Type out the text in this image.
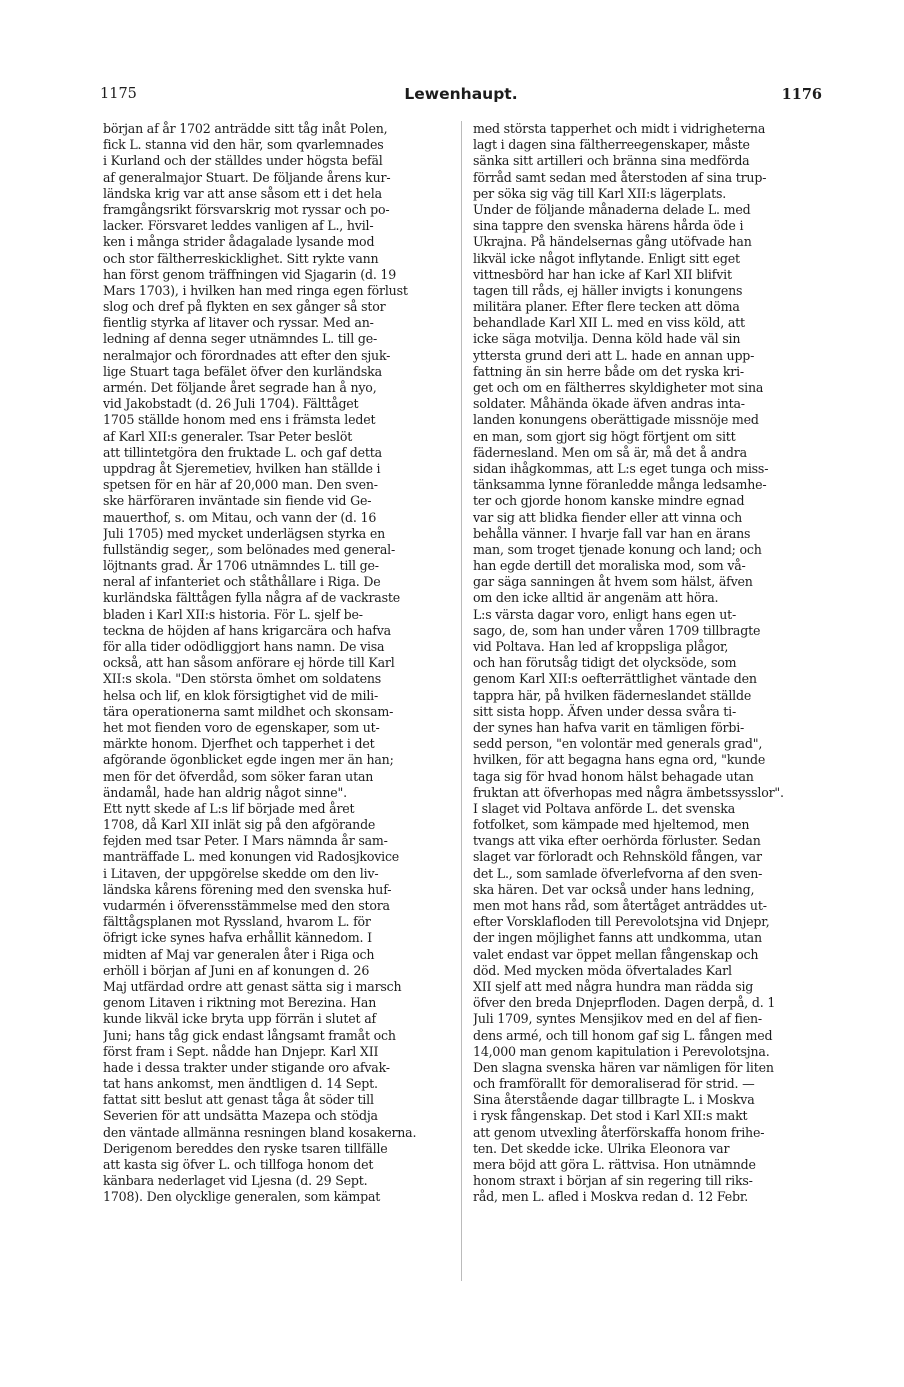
1175	Lewenhaupt.	1176
början af år 1702 anträdde sitt tåg inåt Polen,
fick L. stanna vid den här, som qvarlemnades
i Kurland och der ställdes under högsta befäl
af generalmajor Stuart. De följande årens kur-
ländska krig var att anse såsom ett i det hela
framgångsrikt försvarskrig mot ryssar och po-
lacker. Försvaret leddes vanligen af L., hvil-
ken i många strider ådagalade lysande mod
och stor fältherreskicklighet. Sitt rykte vann
han först genom träffningen vid Sjagarin (d. 19
Mars 1703), i hvilken han med ringa egen förlust
slog och dref på flykten en sex gånger så stor
fientlig styrka af litaver och ryssar. Med an-
ledning af denna seger utnämndes L. till ge-
neralmajor och förordnades att efter den sjuk-
lige Stuart taga befälet öfver den kurländska
armén. Det följande året segrade han å nyo,
vid Jakobstadt (d. 26 Juli 1704). Fälttåget
1705 ställde honom med ens i främsta ledet
af Karl XII:s generaler. Tsar Peter beslöt
att tillintetgöra den fruktade L. och gaf detta
uppdrag åt Sjeremetiev, hvilken han ställde i
spetsen för en här af 20,000 man. Den sven-
ske härföraren inväntade sin fiende vid Ge-
mauerthof, s. om Mitau, och vann der (d. 16
Juli 1705) med mycket underlägsen styrka en
fullständig seger,, som belönades med general-
löjtnants grad. År 1706 utnämndes L. till ge-
neral af infanteriet och ståthållare i Riga. De
kurländska fälttågen fylla några af de vackraste
bladen i Karl XII:s historia. För L. sjelf be-
teckna de höjden af hans krigarcära och hafva
för alla tider odödliggjort hans namn. De visa
också, att han såsom anförare ej hörde till Karl
XII:s skola. "Den största ömhet om soldatens
helsa och lif, en klok försigtighet vid de mili-
tära operationerna samt mildhet och skonsam-
het mot fienden voro de egenskaper, som ut-
märkte honom. Djerfhet och tapperhet i det
afgörande ögonblicket egde ingen mer än han;
men för det öfverdåd, som söker faran utan
ändamål, hade han aldrig något sinne".
Ett nytt skede af L:s lif började med året
1708, då Karl XII inlät sig på den afgörande
fejden med tsar Peter. I Mars nämnda år sam-
manträffade L. med konungen vid Radosjkovice
i Litaven, der uppgörelse skedde om den liv-
ländska kårens förening med den svenska huf-
vudarmén i öfverensstämmelse med den stora
fälttågsplanen mot Ryssland, hvarom L. för
öfrigt icke synes hafva erhållit kännedom. I
midten af Maj var generalen åter i Riga och
erhöll i början af Juni en af konungen d. 26
Maj utfärdad ordre att genast sätta sig i marsch
genom Litaven i riktning mot Berezina. Han
kunde likväl icke bryta upp förrän i slutet af
Juni; hans tåg gick endast långsamt framåt och
först fram i Sept. nådde han Dnjepr. Karl XII
hade i dessa trakter under stigande oro afvak-
tat hans ankomst, men ändtligen d. 14 Sept.
fattat sitt beslut att genast tåga åt söder till
Severien för att undsätta Mazepa och stödja
den väntade allmänna resningen bland kosakerna.
Derigenom bereddes den ryske tsaren tillfälle
att kasta sig öfver L. och tillfoga honom det
känbara nederlaget vid Ljesna (d. 29 Sept.
1708). Den olycklige generalen, som kämpat
med största tapperhet och midt i vidrigheterna
lagt i dagen sina fältherreegenskaper, måste
sänka sitt artilleri och bränna sina medförda
förråd samt sedan med återstoden af sina trup-
per söka sig väg till Karl XII:s lägerplats.
Under de följande månaderna delade L. med
sina tappre den svenska härens hårda öde i
Ukrajna. På händelsernas gång utöfvade han
likväl icke något inflytande. Enligt sitt eget
vittnesbörd har han icke af Karl XII blifvit
tagen till råds, ej häller invigts i konungens
militära planer. Efter flere tecken att döma
behandlade Karl XII L. med en viss köld, att
icke säga motvilja. Denna köld hade väl sin
yttersta grund deri att L. hade en annan upp-
fattning än sin herre både om det ryska kri-
get och om en fältherres skyldigheter mot sina
soldater. Måhända ökade äfven andras inta-
landen konungens oberättigade missnöje med
en man, som gjort sig högt förtjent om sitt
fädernesland. Men om så är, må det å andra
sidan ihågkommas, att L:s eget tunga och miss-
tänksamma lynne föranledde många ledsamhe-
ter och gjorde honom kanske mindre egnad
var sig att blidka fiender eller att vinna och
behålla vänner. I hvarje fall var han en ärans
man, som troget tjenade konung och land; och
han egde dertill det moraliska mod, som vå-
gar säga sanningen åt hvem som hälst, äfven
om den icke alltid är angenäm att höra.
L:s värsta dagar voro, enligt hans egen ut-
sago, de, som han under våren 1709 tillbragte
vid Poltava. Han led af kroppsliga plågor,
och han förutsåg tidigt det olycksöde, som
genom Karl XII:s oefterrättlighet väntade den
tappra här, på hvilken fäderneslandet ställde
sitt sista hopp. Äfven under dessa svåra ti-
der synes han hafva varit en tämligen förbi-
sedd person, "en volontär med generals grad",
hvilken, för att begagna hans egna ord, "kunde
taga sig för hvad honom hälst behagade utan
fruktan att öfverhopas med några ämbetssysslor".
I slaget vid Poltava anförde L. det svenska
fotfolket, som kämpade med hjeltemod, men
tvangs att vika efter oerhörda förluster. Sedan
slaget var förloradt och Rehnsköld fången, var
det L., som samlade öfverlefvorna af den sven-
ska hären. Det var också under hans ledning,
men mot hans råd, som återtåget anträddes ut-
efter Vorsklafloden till Perevolotsjna vid Dnjepr,
der ingen möjlighet fanns att undkomma, utan
valet endast var öppet mellan fångenskap och
död. Med mycken möda öfvertalades Karl
XII sjelf att med några hundra man rädda sig
öfver den breda Dnjeprfloden. Dagen derpå, d. 1
Juli 1709, syntes Mensjikov med en del af fien-
dens armé, och till honom gaf sig L. fången med
14,000 man genom kapitulation i Perevolotsjna.
Den slagna svenska hären var nämligen för liten
och framförallt för demoraliserad för strid. —
Sina återstående dagar tillbragte L. i Moskva
i rysk fångenskap. Det stod i Karl XII:s makt
att genom utvexling återförskaffa honom frihe-
ten. Det skedde icke. Ulrika Eleonora var
mera böjd att göra L. rättvisa. Hon utnämnde
honom straxt i början af sin regering till riks-
råd, men L. afled i Moskva redan d. 12 Febr.
